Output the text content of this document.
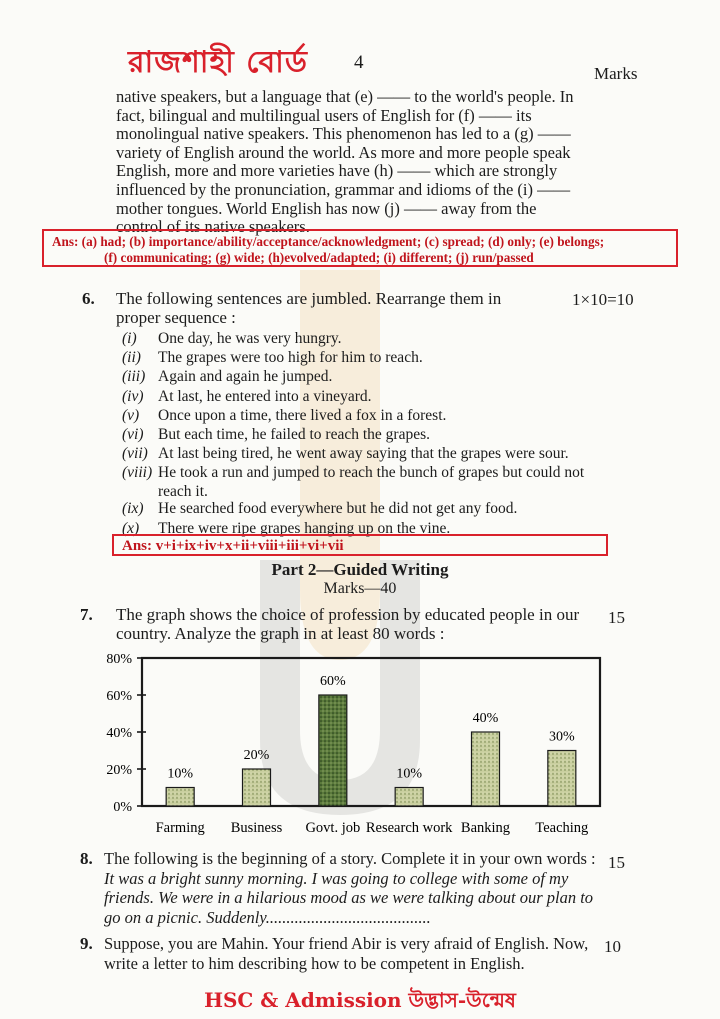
রাজশাহী বোর্ড 4
Marks

native speakers, but a language that (e) —— to the world's people. In

fact, bilingual and multilingual users of English for (f) —— its

monolingual native speakers. This phenomenon has led to a (g) ——

variety of English around the world. As more and more people speak

English, more and more varieties have (h) —— which are strongly

influenced by the pronunciation, grammar and idioms of the (i) ——

mother tongues. World English has now (j) —— away from the

control of its native speakers.

Ans: (a) had; (b) importance/ability/acceptance/acknowledgment; (c) spread; (d) only; (e) belongs;
(f) communicating; (g) wide; (h)evolved/adapted; (i) different; (j) run/passed
6. The following sentences are jumbled. Rearrange them in proper sequence :
1×10=10
(i)	One day, he was very hungry.
(ii)	The grapes were too high for him to reach.
(iii) Again and again he jumped.
(iv) At last, he entered into a vineyard.
(v)	Once upon a time, there lived a fox in a forest.
(vi) But each time, he failed to reach the grapes.
(vii) At last being tired, he went away saying that the grapes were sour.
(viii) He took a run and jumped to reach the bunch of grapes but could not reach it.
(ix) He searched food everywhere but he did not get any food.
(x)	There were ripe grapes hanging up on the vine.
Ans: v+i+ix+iv+x+ii+viii+iii+vi+vii
Part 2—Guided Writing
Marks—40
7. The graph shows the choice of profession by educated people in our country. Analyze the graph in at least 80 words :
15
0%
20%
40%
60%
80%
10%
Farming
20%
Business
60%
Govt. job
10%
Research work
40%
Banking
30%
Teaching
8. The following is the beginning of a story. Complete it in your own words :
It was a bright sunny morning. I was going to college with some of my friends. We were in a hilarious mood as we were talking about our plan to go on a picnic. Suddenly........................................
15
9. Suppose, you are Mahin. Your friend Abir is very afraid of English. Now, write a letter to him describing how to be competent in English.
10
HSC & Admission উদ্ভাস-উন্মেষ
